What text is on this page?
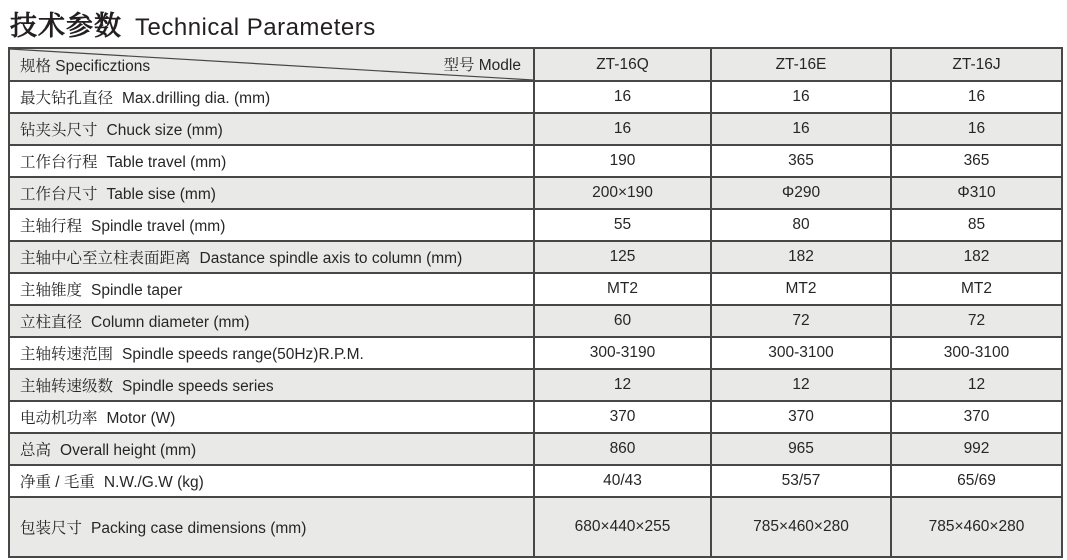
技术参数 Technical Parameters
规格 Specificztions 型号 Modle	ZT-16Q	ZT-16E	ZT-16J
最大钻孔直径 Max.drilling dia. (mm)	16	16	16
钻夹头尺寸 Chuck size (mm)	16	16	16
工作台行程 Table travel (mm)	190	365	365
工作台尺寸 Table sise (mm)	200×190	Φ290	Φ310
主轴行程 Spindle travel (mm)	55	80	85
主轴中心至立柱表面距离 Dastance spindle axis to column (mm)	125	182	182
主轴锥度 Spindle taper	MT2	MT2	MT2
立柱直径 Column diameter (mm)	60	72	72
主轴转速范围 Spindle speeds range(50Hz)R.P.M.	300-3190	300-3100	300-3100
主轴转速级数 Spindle speeds series	12	12	12
电动机功率 Motor (W)	370	370	370
总高 Overall height (mm)	860	965	992
净重 / 毛重 N.W./G.W (kg)	40/43	53/57	65/69
包装尺寸 Packing case dimensions (mm)	680×440×255	785×460×280	785×460×280
